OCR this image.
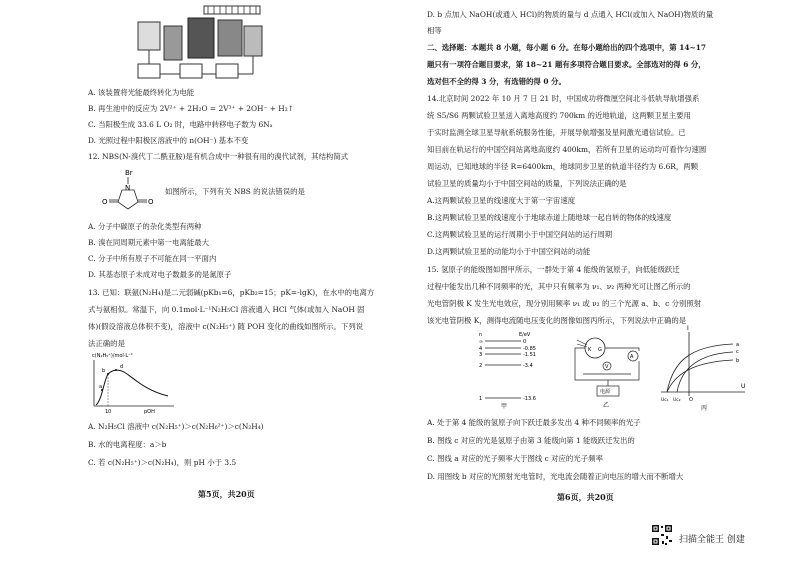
A. 该装置将光能最终转化为电能
B. 再生池中的反应为 2V²⁺ + 2H₂O = 2V³⁺ + 2OH⁻ + H₂↑
C. 当阳极生成 33.6 L O₂ 时，电路中转移电子数为 6Nₐ
D. 光照过程中阳极区溶液中的 n(OH⁻) 基本不变
12. NBS(N-溴代丁二酰亚胺)是有机合成中一种很有用的溴代试剂，其结构简式
Br
N
O	O
如图所示，下列有关 NBS 的说法错误的是
A. 分子中碳原子的杂化类型有两种
B. 溴在同周期元素中第一电离能最大
C. 分子中所有原子不可能在同一平面内
D. 其基态原子未成对电子数最多的是氮原子
13. 已知：联氨(N₂H₄)是二元弱碱(pKb₁=6，pKb₂=15；pK=-lgK)，在水中的电离方
式与氨相似。常温下，向 0.1mol·L⁻¹N₂H₅Cl 溶液通入 HCl 气体(或加入 NaOH 固
体)(假设溶液总体积不变)，溶液中 c(N₂H₅⁺) 随 POH 变化的曲线如图所示。下列说
法正确的是
c(N₂H₅⁺)/mol·L⁻¹
a
b
d
10	pOH
A. N₂H₅Cl 溶液中 c(N₂H₅⁺)＞c(N₂H₆²⁺)＞c(N₂H₄)
B. 水的电离程度：a＞b
C. 若 c(N₂H₅⁺)＞c(N₂H₄)，则 pH 小于 3.5
第5页，共20页
D. b 点加入 NaOH(或通入 HCl)的物质的量与 d 点通入 HCl(或加入 NaOH)物质的量
相等
二、选择题：本题共 8 小题，每小题 6 分。在每小题给出的四个选项中，第 14~17
题只有一项符合题目要求，第 18~21 题有多项符合题目要求。全部选对的得 6 分，
选对但不全的得 3 分，有选错的得 0 分。
14.北京时间 2022 年 10 月 7 日 21 时，中国成功将微厘空间北斗低轨导航增强系
统 S5/S6 两颗试验卫星送入离地高度约 700km 的近地轨道，这两颗卫星主要用
于实时监测全球卫星导航系统服务性能，开展导航增强及星间激光通信试验。已
知目前在轨运行的中国空间站离地高度约 400km，若所有卫星的运动均可看作匀速圆
周运动，已知地球的半径 R=6400km，地球同步卫星的轨道半径约为 6.6R，两颗
试验卫星的质量均小于中国空间站的质量，下列说法正确的是
A.这两颗试验卫星的线速度大于第一宇宙速度
B.这两颗试验卫星的线速度小于地球赤道上随地球一起自转的物体的线速度
C.这两颗试验卫星的运行周期小于中国空间站的运行周期
D.这两颗试验卫星的动能均小于中国空间站的动能
15. 氢原子的能级图如图甲所示，一群处于第 4 能级的氢原子，向低能级跃迁
过程中能发出几种不同频率的光，其中只有频率为 ν₁、ν₂ 两种光可让图乙所示的
光电管阴极 K 发生光电效应，现分别用频率 ν₁ 或 ν₂ 的三个光源 a、b、c 分别照射
该光电管阴极 K，测得电流随电压变化的图像如图丙所示，下列说法中正确的是
n	E/eV
∞
4
3
2
1
0
-0.85
-1.51
-3.4
-13.6
甲
K G
A
V
电源
乙
I
U
a
b
c
Uc₁ Uc₂ O
丙
A. 处于第 4 能级的氢原子向下跃迁最多发出 4 种不同频率的光子
B. 图线 c 对应的光是氢原子由第 3 能级向第 1 能级跃迁发出的
C. 图线 a 对应的光子频率大于图线 c 对应的光子频率
D. 用图线 b 对应的光照射光电管时，光电流会随着正向电压的增大而不断增大
第6页，共20页
扫描全能王 创建
